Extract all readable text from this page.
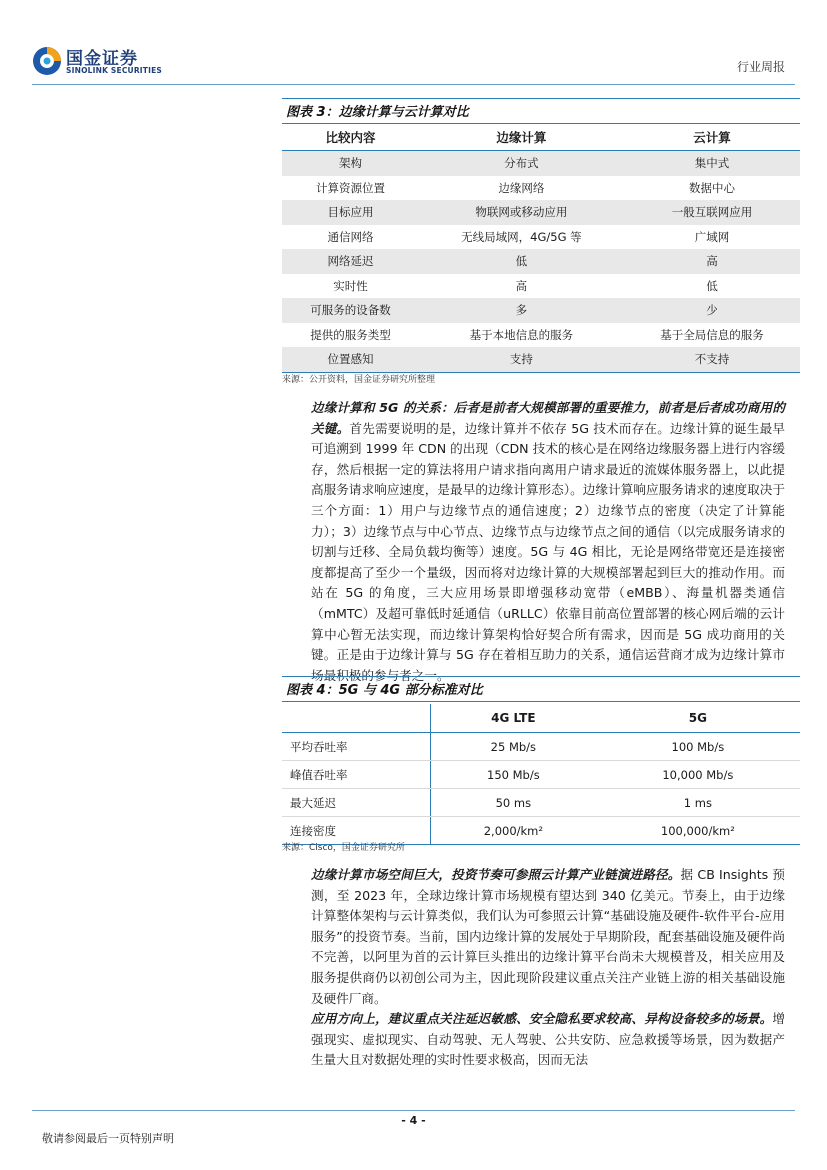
国金证券
SINOLINK SECURITIES	行业周报
图表 3：边缘计算与云计算对比
比较内容	边缘计算	云计算
架构	分布式	集中式
计算资源位置	边缘网络	数据中心
目标应用	物联网或移动应用	一般互联网应用
通信网络	无线局域网，4G/5G 等	广域网
网络延迟	低	高
实时性	高	低
可服务的设备数	多	少
提供的服务类型	基于本地信息的服务	基于全局信息的服务
位置感知	支持	不支持
来源：公开资料，国金证券研究所整理
边缘计算和 5G 的关系：后者是前者大规模部署的重要推力，前者是后者成功商用的关键。首先需要说明的是，边缘计算并不依存 5G 技术而存在。边缘计算的诞生最早可追溯到 1999 年 CDN 的出现（CDN 技术的核心是在网络边缘服务器上进行内容缓存，然后根据一定的算法将用户请求指向离用户请求最近的流媒体服务器上，以此提高服务请求响应速度，是最早的边缘计算形态）。边缘计算响应服务请求的速度取决于三个方面：1）用户与边缘节点的通信速度；2）边缘节点的密度（决定了计算能力）；3）边缘节点与中心节点、边缘节点与边缘节点之间的通信（以完成服务请求的切割与迁移、全局负载均衡等）速度。5G 与 4G 相比，无论是网络带宽还是连接密度都提高了至少一个量级，因而将对边缘计算的大规模部署起到巨大的推动作用。而站在 5G 的角度，三大应用场景即增强移动宽带（eMBB）、海量机器类通信（mMTC）及超可靠低时延通信（uRLLC）依靠目前高位置部署的核心网后端的云计算中心暂无法实现，而边缘计算架构恰好契合所有需求，因而是 5G 成功商用的关键。正是由于边缘计算与 5G 存在着相互助力的关系，通信运营商才成为边缘计算市场最积极的参与者之一。
图表 4：5G 与 4G 部分标准对比
	4G LTE	5G
平均吞吐率	25 Mb/s	100 Mb/s
峰值吞吐率	150 Mb/s	10,000 Mb/s
最大延迟	50 ms	1 ms
连接密度	2,000/km²	100,000/km²
来源：Cisco，国金证券研究所
边缘计算市场空间巨大，投资节奏可参照云计算产业链演进路径。据 CB Insights 预测，至 2023 年，全球边缘计算市场规模有望达到 340 亿美元。节奏上，由于边缘计算整体架构与云计算类似，我们认为可参照云计算“基础设施及硬件-软件平台-应用服务”的投资节奏。当前，国内边缘计算的发展处于早期阶段，配套基础设施及硬件尚不完善，以阿里为首的云计算巨头推出的边缘计算平台尚未大规模普及，相关应用及服务提供商仍以初创公司为主，因此现阶段建议重点关注产业链上游的相关基础设施及硬件厂商。
应用方向上，建议重点关注延迟敏感、安全隐私要求较高、异构设备较多的场景。增强现实、虚拟现实、自动驾驶、无人驾驶、公共安防、应急救援等场景，因为数据产生量大且对数据处理的实时性要求极高，因而无法
- 4 -
敬请参阅最后一页特别声明
